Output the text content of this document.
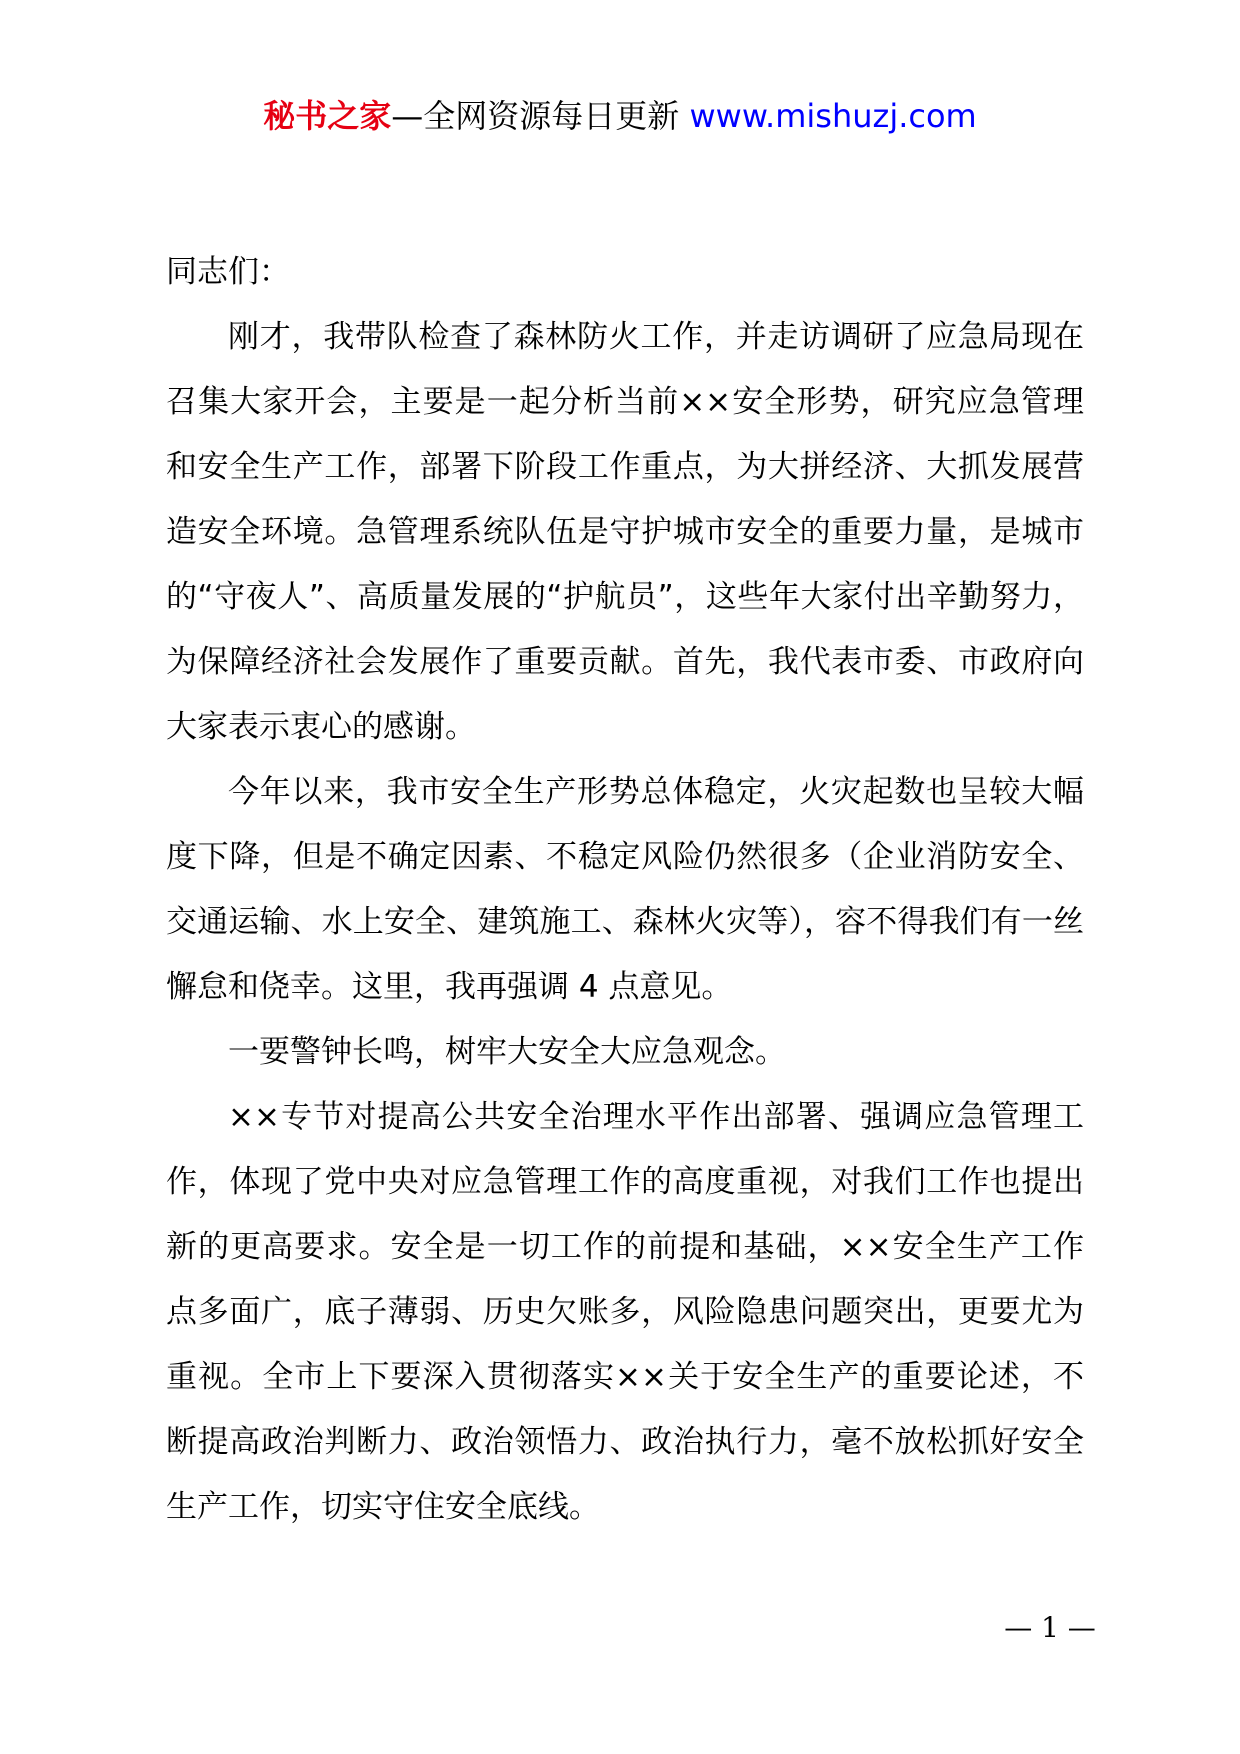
秘书之家—全网资源每日更新 www.mishuzj.com

同志们：

刚才，我带队检查了森林防火工作，并走访调研了应急局现在召集大家开会，主要是一起分析当前××安全形势，研究应急管理和安全生产工作，部署下阶段工作重点，为大拼经济、大抓发展营造安全环境。急管理系统队伍是守护城市安全的重要力量，是城市的“守夜人”、高质量发展的“护航员”，这些年大家付出辛勤努力，为保障经济社会发展作了重要贡献。首先，我代表市委、市政府向大家表示衷心的感谢。

今年以来，我市安全生产形势总体稳定，火灾起数也呈较大幅度下降，但是不确定因素、不稳定风险仍然很多（企业消防安全、交通运输、水上安全、建筑施工、森林火灾等），容不得我们有一丝懈怠和侥幸。这里，我再强调 4 点意见。

一要警钟长鸣，树牢大安全大应急观念。

××专节对提高公共安全治理水平作出部署、强调应急管理工作，体现了党中央对应急管理工作的高度重视，对我们工作也提出新的更高要求。安全是一切工作的前提和基础，××安全生产工作点多面广，底子薄弱、历史欠账多，风险隐患问题突出，更要尤为重视。全市上下要深入贯彻落实××关于安全生产的重要论述，不断提高政治判断力、政治领悟力、政治执行力，毫不放松抓好安全生产工作，切实守住安全底线。

— 1 —
